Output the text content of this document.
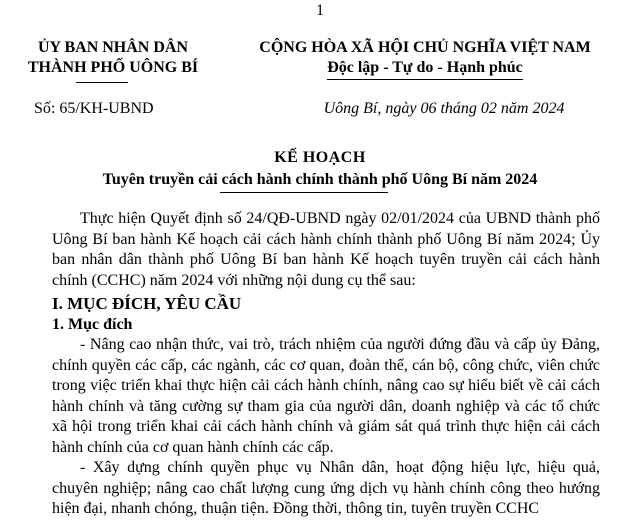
1
ỦY BAN NHÂN DÂN
THÀNH PHỐ UÔNG BÍ
CỘNG HÒA XÃ HỘI CHỦ NGHĨA VIỆT NAM
Độc lập - Tự do - Hạnh phúc
Số: 65/KH-UBND	Uông Bí, ngày 06 tháng 02 năm 2024
KẾ HOẠCH
Tuyên truyền cải cách hành chính thành phố Uông Bí năm 2024

Thực hiện Quyết định số 24/QĐ-UBND ngày 02/01/2024 của UBND thành phố Uông Bí ban hành Kế hoạch cải cách hành chính thành phố Uông Bí năm 2024; Ủy ban nhân dân thành phố Uông Bí ban hành Kế hoạch tuyên truyền cải cách hành chính (CCHC) năm 2024 với những nội dung cụ thể sau:

I. MỤC ĐÍCH, YÊU CẦU
1. Mục đích

- Nâng cao nhận thức, vai trò, trách nhiệm của người đứng đầu và cấp ủy Đảng, chính quyền các cấp, các ngành, các cơ quan, đoàn thể, cán bộ, công chức, viên chức trong việc triển khai thực hiện cải cách hành chính, nâng cao sự hiểu biết về cải cách hành chính và tăng cường sự tham gia của người dân, doanh nghiệp và các tổ chức xã hội trong triển khai cải cách hành chính và giám sát quá trình thực hiện cải cách hành chính của cơ quan hành chính các cấp.

- Xây dựng chính quyền phục vụ Nhân dân, hoạt động hiệu lực, hiệu quả, chuyên nghiệp; nâng cao chất lượng cung ứng dịch vụ hành chính công theo hướng hiện đại, nhanh chóng, thuận tiện. Đồng thời, thông tin, tuyên truyền CCHC
